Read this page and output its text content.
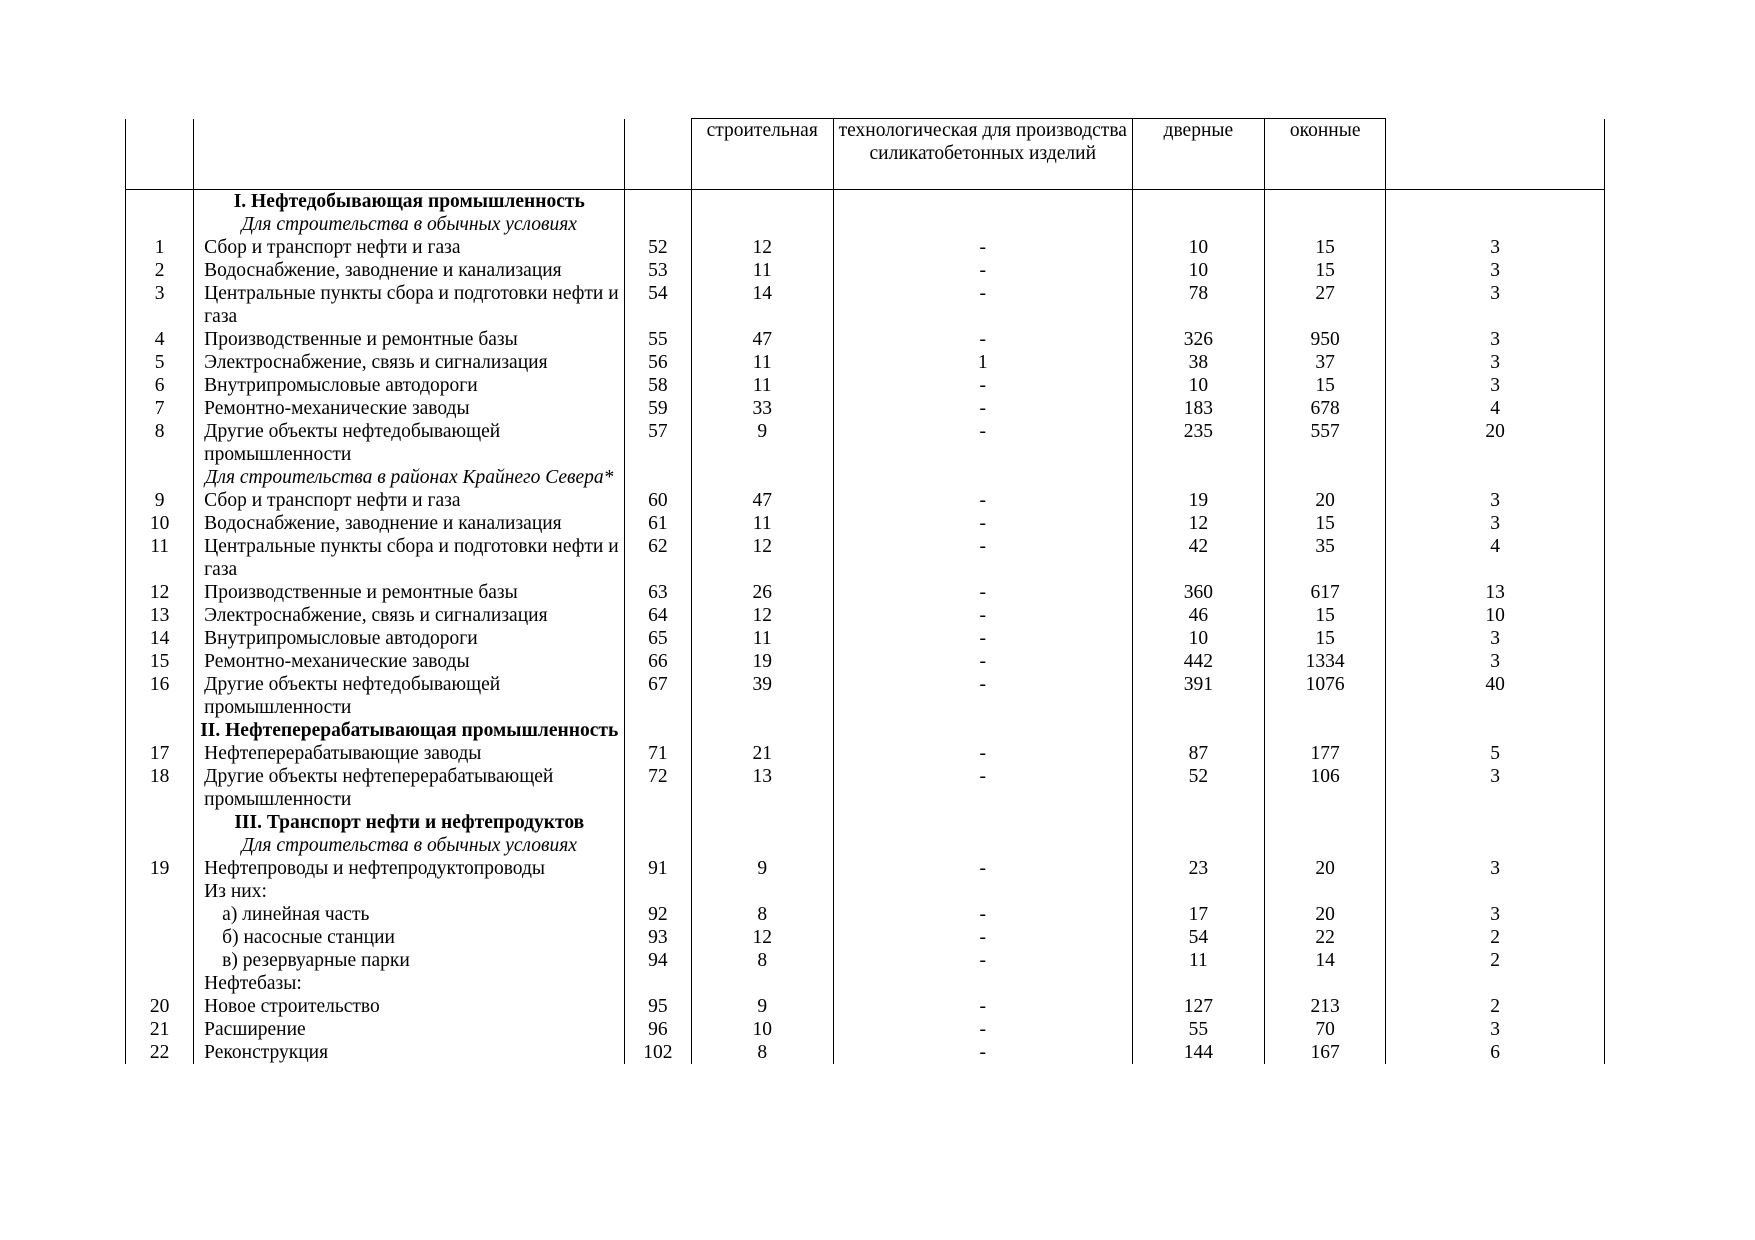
			строительная	технологическая для производства силикатобетонных изделий	дверные	оконные	
	I. Нефтедобывающая промышленность						
	Для строительства в обычных условиях						
1	Сбор и транспорт нефти и газа	52	12	-	10	15	3
2	Водоснабжение, заводнение и канализация	53	11	-	10	15	3
3	Центральные пункты сбора и подготовки нефти и газа	54	14	-	78	27	3
4	Производственные и ремонтные базы	55	47	-	326	950	3
5	Электроснабжение, связь и сигнализация	56	11	1	38	37	3
6	Внутрипромысловые автодороги	58	11	-	10	15	3
7	Ремонтно-механические заводы	59	33	-	183	678	4
8	Другие объекты нефтедобывающей промышленности	57	9	-	235	557	20
	Для строительства в районах Крайнего Севера*						
9	Сбор и транспорт нефти и газа	60	47	-	19	20	3
10	Водоснабжение, заводнение и канализация	61	11	-	12	15	3
11	Центральные пункты сбора и подготовки нефти и газа	62	12	-	42	35	4
12	Производственные и ремонтные базы	63	26	-	360	617	13
13	Электроснабжение, связь и сигнализация	64	12	-	46	15	10
14	Внутрипромысловые автодороги	65	11	-	10	15	3
15	Ремонтно-механические заводы	66	19	-	442	1334	3
16	Другие объекты нефтедобывающей промышленности	67	39	-	391	1076	40
	II. Нефтеперерабатывающая промышленность						
17	Нефтеперерабатывающие заводы	71	21	-	87	177	5
18	Другие объекты нефтеперерабатывающей промышленности	72	13	-	52	106	3
	III. Транспорт нефти и нефтепродуктов						
	Для строительства в обычных условиях						
19	Нефтепроводы и нефтепродуктопроводы	91	9	-	23	20	3
	Из них:						
	а) линейная часть	92	8	-	17	20	3
	б) насосные станции	93	12	-	54	22	2
	в) резервуарные парки	94	8	-	11	14	2
	Нефтебазы:						
20	Новое строительство	95	9	-	127	213	2
21	Расширение	96	10	-	55	70	3
22	Реконструкция	102	8	-	144	167	6
